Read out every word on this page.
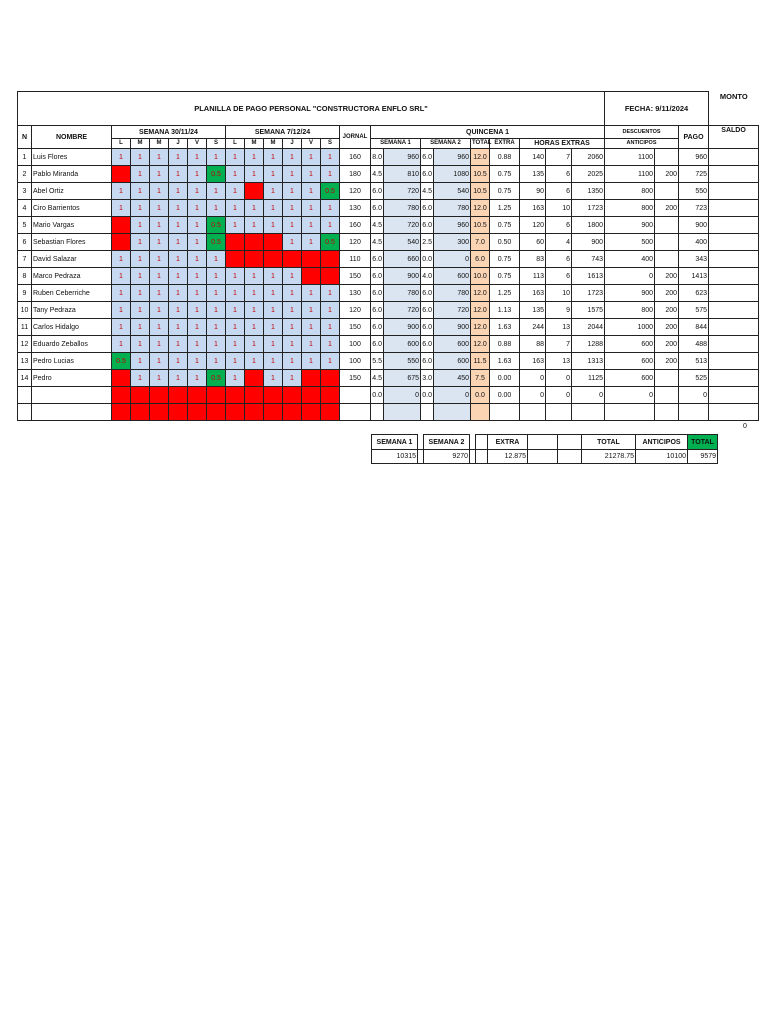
PLANILLA DE PAGO PERSONAL "CONSTRUCTORA ENFLO SRL"																								FECHA: 9/11/2024			MONTO
N	NOMBRE	SEMANA 30/11/24						SEMANA 7/12/24						JORNAL	QUINCENA 1									DESCUENTOS		PAGO	SALDO
		L	M	M	J	V	S	L	M	M	J	V	S		SEMANA 1		SEMANA 2		TOTAL	EXTRA	HORAS EXTRAS			ANTICIPOS			
1	Luis Flores	1	1	1	1	1	1	1	1	1	1	1	1	160	8.0	960	6.0	960	12.0	0.88	140	7	2060	1100		960	
2	Pablo Miranda		1	1	1	1	0.5	1	1	1	1	1	1	180	4.5	810	6.0	1080	10.5	0.75	135	6	2025	1100	200	725	
3	Abel Ortiz	1	1	1	1	1	1	1		1	1	1	0.5	120	6.0	720	4.5	540	10.5	0.75	90	6	1350	800		550	
4	Ciro Barrientos	1	1	1	1	1	1	1	1	1	1	1	1	130	6.0	780	6.0	780	12.0	1.25	163	10	1723	800	200	723	
5	Mario Vargas		1	1	1	1	0.5	1	1	1	1	1	1	160	4.5	720	6.0	960	10.5	0.75	120	6	1800	900		900	
6	Sebastian Flores		1	1	1	1	0.5				1	1	0.5	120	4.5	540	2.5	300	7.0	0.50	60	4	900	500		400	
7	David Salazar	1	1	1	1	1	1							110	6.0	660	0.0	0	6.0	0.75	83	6	743	400		343	
8	Marco Pedraza	1	1	1	1	1	1	1	1	1	1			150	6.0	900	4.0	600	10.0	0.75	113	6	1613	0	200	1413	
9	Ruben Ceberriche	1	1	1	1	1	1	1	1	1	1	1	1	130	6.0	780	6.0	780	12.0	1.25	163	10	1723	900	200	623	
10	Tany Pedraza	1	1	1	1	1	1	1	1	1	1	1	1	120	6.0	720	6.0	720	12.0	1.13	135	9	1575	800	200	575	
11	Carlos Hidalgo	1	1	1	1	1	1	1	1	1	1	1	1	150	6.0	900	6.0	900	12.0	1.63	244	13	2044	1000	200	844	
12	Eduardo Zeballos	1	1	1	1	1	1	1	1	1	1	1	1	100	6.0	600	6.0	600	12.0	0.88	88	7	1288	600	200	488	
13	Pedro Lucias	0.5	1	1	1	1	1	1	1	1	1	1	1	100	5.5	550	6.0	600	11.5	1.63	163	13	1313	600	200	513	
14	Pedro		1	1	1	1	0.5	1		1	1			150	4.5	675	3.0	450	7.5	0.00	0	0	1125	600		525	
															0.0	0	0.0	0	0.0	0.00	0	0	0	0		0	

0
SEMANA 1		SEMANA 2			EXTRA			TOTAL	ANTICIPOS	TOTAL
10315		9270			12.875			21278.75	10100	9579
